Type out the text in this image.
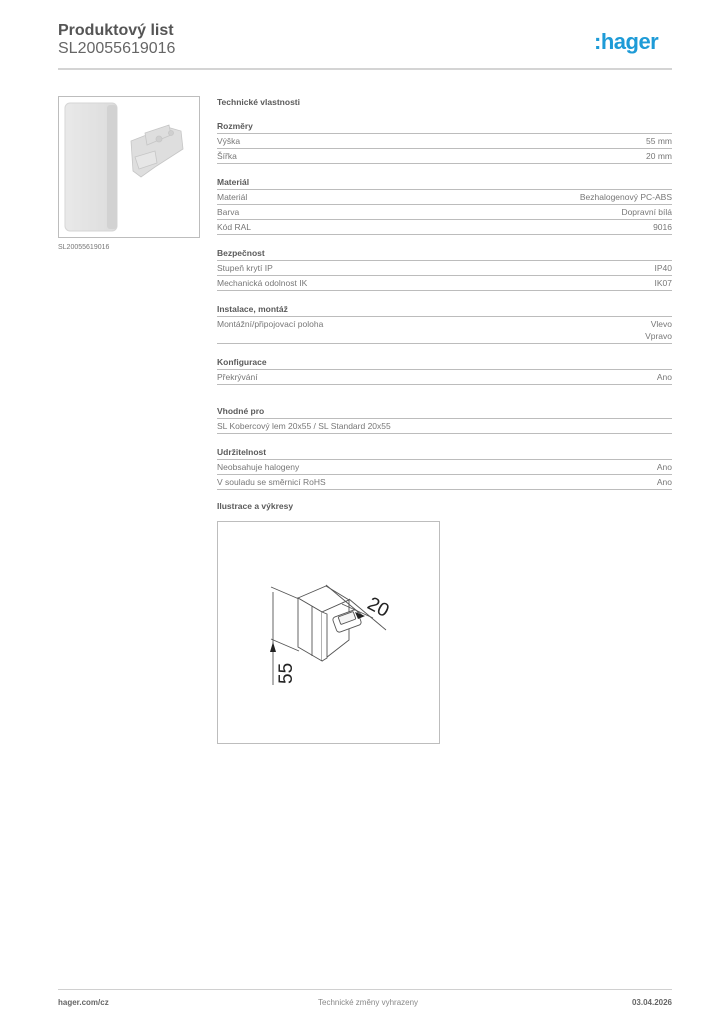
Produktový list
SL20055619016	:hager
SL20055619016
Technické vlastnosti
Rozměry
Výška	55 mm
Šířka	20 mm
Materiál
Materiál	Bezhalogenový PC-ABS
Barva	Dopravní bílá
Kód RAL	9016
Bezpečnost
Stupeň krytí IP	IP40
Mechanická odolnost IK	IK07
Instalace, montáž
Montážní/připojovací poloha	Vlevo
Vpravo
Konfigurace
Překrývání	Ano
Vhodné pro
SL Kobercový lem 20x55 / SL Standard 20x55
Udržitelnost
Neobsahuje halogeny	Ano
V souladu se směrnicí RoHS	Ano
Ilustrace a výkresy
20
55
hager.com/cz	Technické změny vyhrazeny	03.04.2026
